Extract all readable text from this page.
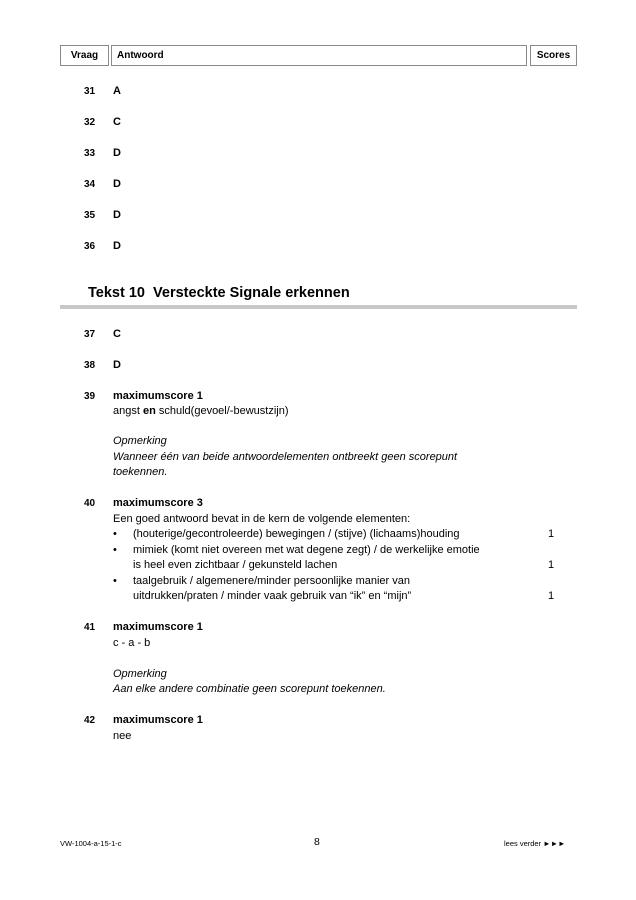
Vraag	Antwoord	Scores
31 A
32 C
33 D
34 D
35 D
36 D
Tekst 10 Versteckte Signale erkennen
37 C
38 D
39 maximumscore 1
angst en schuld(gevoel/-bewustzijn)
Opmerking
Wanneer één van beide antwoordelementen ontbreekt geen scorepunt
toekennen.
40 maximumscore 3
Een goed antwoord bevat in de kern de volgende elementen:
• (houterige/gecontroleerde) bewegingen / (stijve) (lichaams)houding	1
• mimiek (komt niet overeen met wat degene zegt) / de werkelijke emotie
is heel even zichtbaar / gekunsteld lachen	1
• taalgebruik / algemenere/minder persoonlijke manier van
uitdrukken/praten / minder vaak gebruik van “ik” en “mijn”	1
41 maximumscore 1
c - a - b
Opmerking
Aan elke andere combinatie geen scorepunt toekennen.
42 maximumscore 1
nee
VW-1004-a-15-1-c	8	lees verder ►►►
